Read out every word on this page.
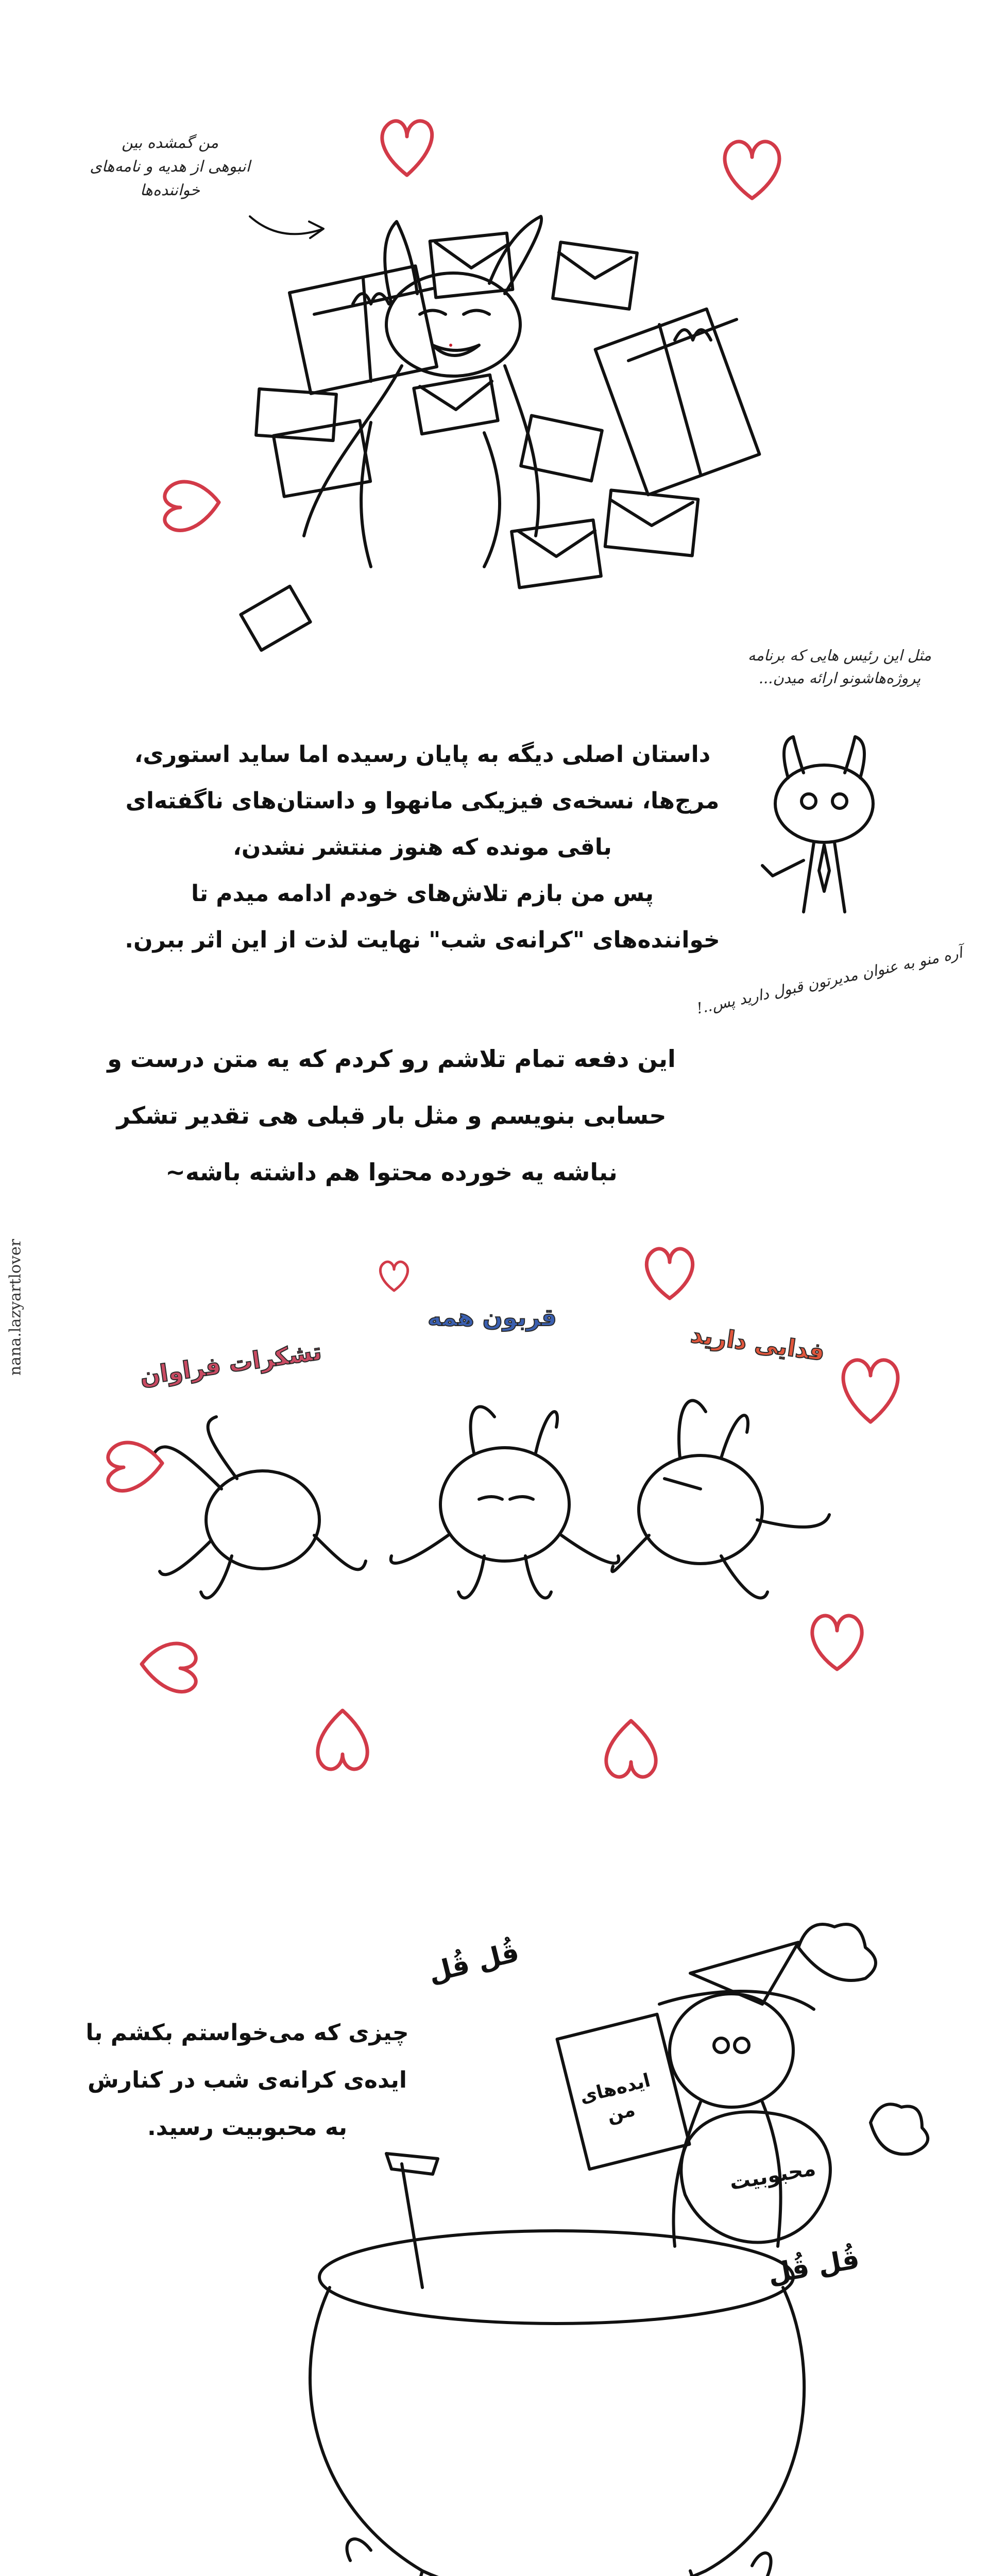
من گمشده بین
انبوهی از هدیه و نامه‌های
خواننده‌ها
مثل این رئیس هایی که برنامه
پروژه‌هاشونو ارائه میدن...
داستان اصلی دیگه به پایان رسیده اما ساید استوری،
مرج‌ها، نسخه‌ی فیزیکی مانهوا و داستان‌های ناگفته‌ای
باقی مونده که هنوز منتشر نشدن،
پس من بازم تلاش‌های خودم ادامه میدم تا
خواننده‌های "کرانه‌ی شب" نهایت لذت از این اثر ببرن.
آره منو به عنوان مدیرتون قبول دارید پس..!
این دفعه تمام تلاشم رو کردم که یه متن درست و
حسابی بنویسم و مثل بار قبلی هی تقدیر تشکر
نباشه یه خورده محتوا هم داشته باشه~
nana.lazyartlover	تشکرات فراوان
قربون همه
فدایی دارید
چیزی که می‌خواستم بکشم با
ایده‌ی کرانه‌ی شب در کنارش
به محبوبیت رسید.
قُل قُل
قُل قُل
ایده‌های من
محبوبیت
